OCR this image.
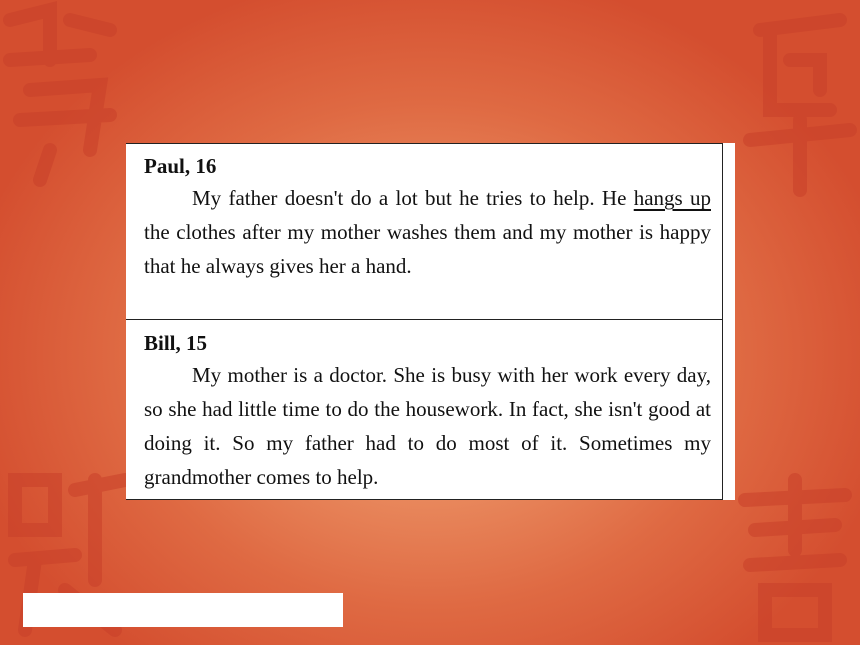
Paul, 16

My father doesn't do a lot but he tries to help. He hangs up the clothes after my mother washes them and my mother is happy that he always gives her a hand.

Bill, 15

My mother is a doctor. She is busy with her work every day, so she had little time to do the housework. In fact, she isn't good at doing it. So my father had to do most of it. Sometimes my grandmother comes to help.
